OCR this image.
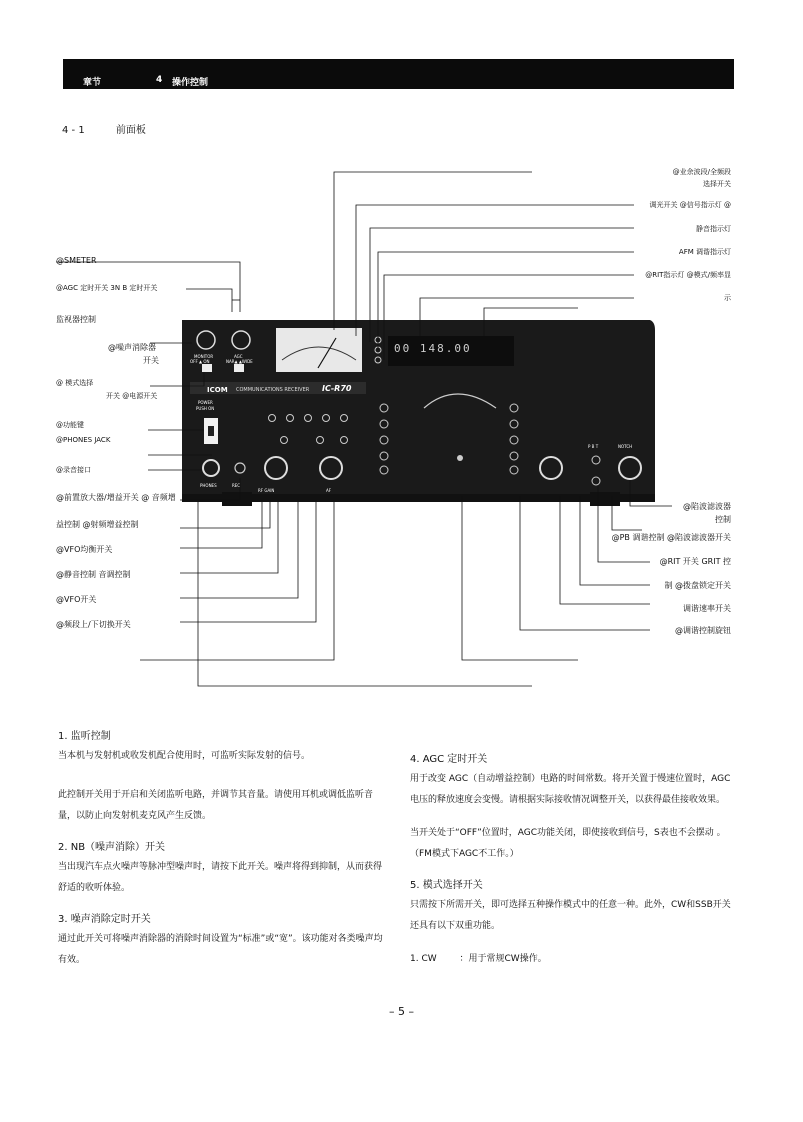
章节	4 操作控制
4 - 1	前面板
ICOM COMMUNICATIONS RECEIVER IC-R70
00 148.00
MONITOR	AGC
OFF ▲ ON	NAR▲ ▲WIDE
POWER
PUSH ON
PHONES	REC
RF GAIN	AF
P B T	NOTCH
@SMETER
@AGC 定时开关 3N B 定时开关
监视器控制
@噪声消除器
开关
@ 模式选择
开关 @电源开关
@功能键
@PHONES JACK
@录音接口
@前置放大器/增益开关 @ 音频增
益控制 @射频增益控制
@VFO均衡开关
@静音控制 音调控制
@VFO开关
@频段上/下切换开关
@业余波段/全频段
选择开关
调光开关 @信号指示灯 @
静音指示灯
AFM 调谐指示灯
@RIT指示灯 @模式/频率显
示
@陷波滤波器
控制
@PB 调谐控制 @陷波滤波器开关
@RIT 开关 GRIT 控
制 @拨盘锁定开关
调谐速率开关
@调谐控制旋钮
1. 监听控制

当本机与发射机或收发机配合使用时，可监听实际发射的信号。

此控制开关用于开启和关闭监听电路，并调节其音量。请使用耳机或调低监听音量，以防止向发射机麦克风产生反馈。

2. NB（噪声消除）开关

当出现汽车点火噪声等脉冲型噪声时，请按下此开关。噪声将得到抑制，从而获得舒适的收听体验。

3. 噪声消除定时开关

通过此开关可将噪声消除器的消除时间设置为“标准”或“宽”。该功能对各类噪声均有效。

4. AGC 定时开关

用于改变 AGC（自动增益控制）电路的时间常数。将开关置于慢速位置时，AGC 电压的释放速度会变慢。请根据实际接收情况调整开关，以获得最佳接收效果。

当开关处于“OFF”位置时，AGC功能关闭，即使接收到信号，S表也不会摆动 。（FM模式下AGC不工作。）

5. 模式选择开关

只需按下所需开关，即可选择五种操作模式中的任意一种。此外，CW和SSB开关还具有以下双重功能。

1. CW        ：用于常规CW操作。

– 5 –
